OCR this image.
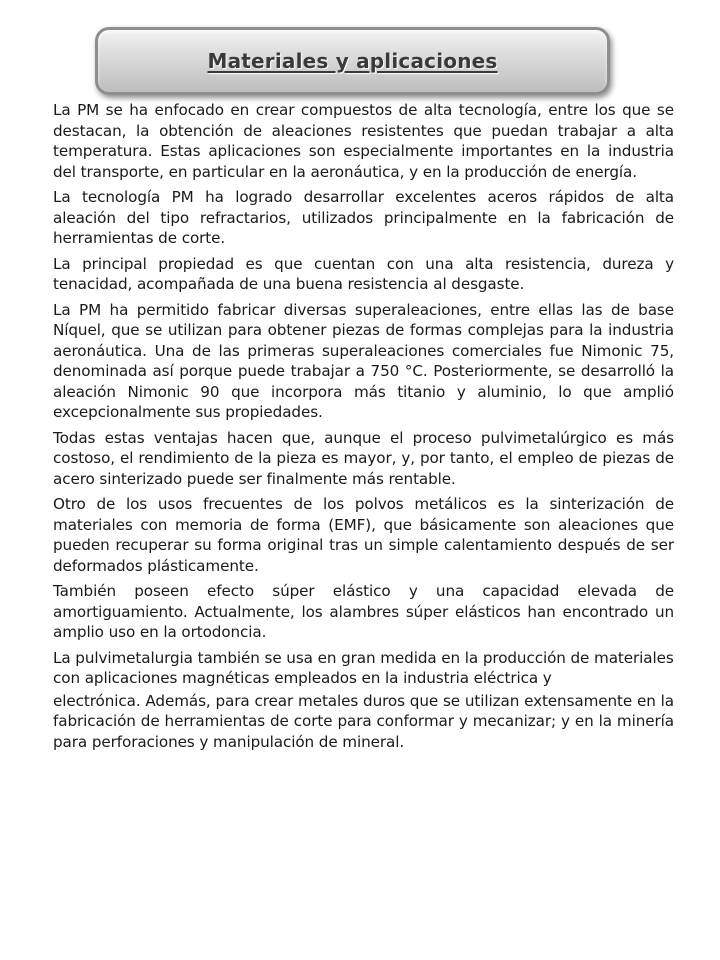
Materiales y aplicaciones

La PM se ha enfocado en crear compuestos de alta tecnología, entre los que se destacan, la obtención de aleaciones resistentes que puedan trabajar a alta temperatura. Estas aplicaciones son especialmente importantes en la industria del transporte, en particular en la aeronáutica, y en la producción de energía.

La tecnología PM ha logrado desarrollar excelentes aceros rápidos de alta aleación del tipo refractarios, utilizados principalmente en la fabricación de herramientas de corte.

La principal propiedad es que cuentan con una alta resistencia, dureza y tenacidad, acompañada de una buena resistencia al desgaste.

La PM ha permitido fabricar diversas superaleaciones, entre ellas las de base Níquel, que se utilizan para obtener piezas de formas complejas para la industria aeronáutica. Una de las primeras superaleaciones comerciales fue Nimonic 75, denominada así porque puede trabajar a 750 °C. Posteriormente, se desarrolló la aleación Nimonic 90 que incorpora más titanio y aluminio, lo que amplió excepcionalmente sus propiedades.

Todas estas ventajas hacen que, aunque el proceso pulvimetalúrgico es más costoso, el rendimiento de la pieza es mayor, y, por tanto, el empleo de piezas de acero sinterizado puede ser finalmente más rentable.

Otro de los usos frecuentes de los polvos metálicos es la sinterización de materiales con memoria de forma (EMF), que básicamente son aleaciones que pueden recuperar su forma original tras un simple calentamiento después de ser deformados plásticamente.

También poseen efecto súper elástico y una capacidad elevada de amortiguamiento. Actualmente, los alambres súper elásticos han encontrado un amplio uso en la ortodoncia.

La pulvimetalurgia también se usa en gran medida en la producción de materiales con aplicaciones magnéticas empleados en la industria eléctrica y

electrónica. Además, para crear metales duros que se utilizan extensamente en la fabricación de herramientas de corte para conformar y mecanizar; y en la minería para perforaciones y manipulación de mineral.
